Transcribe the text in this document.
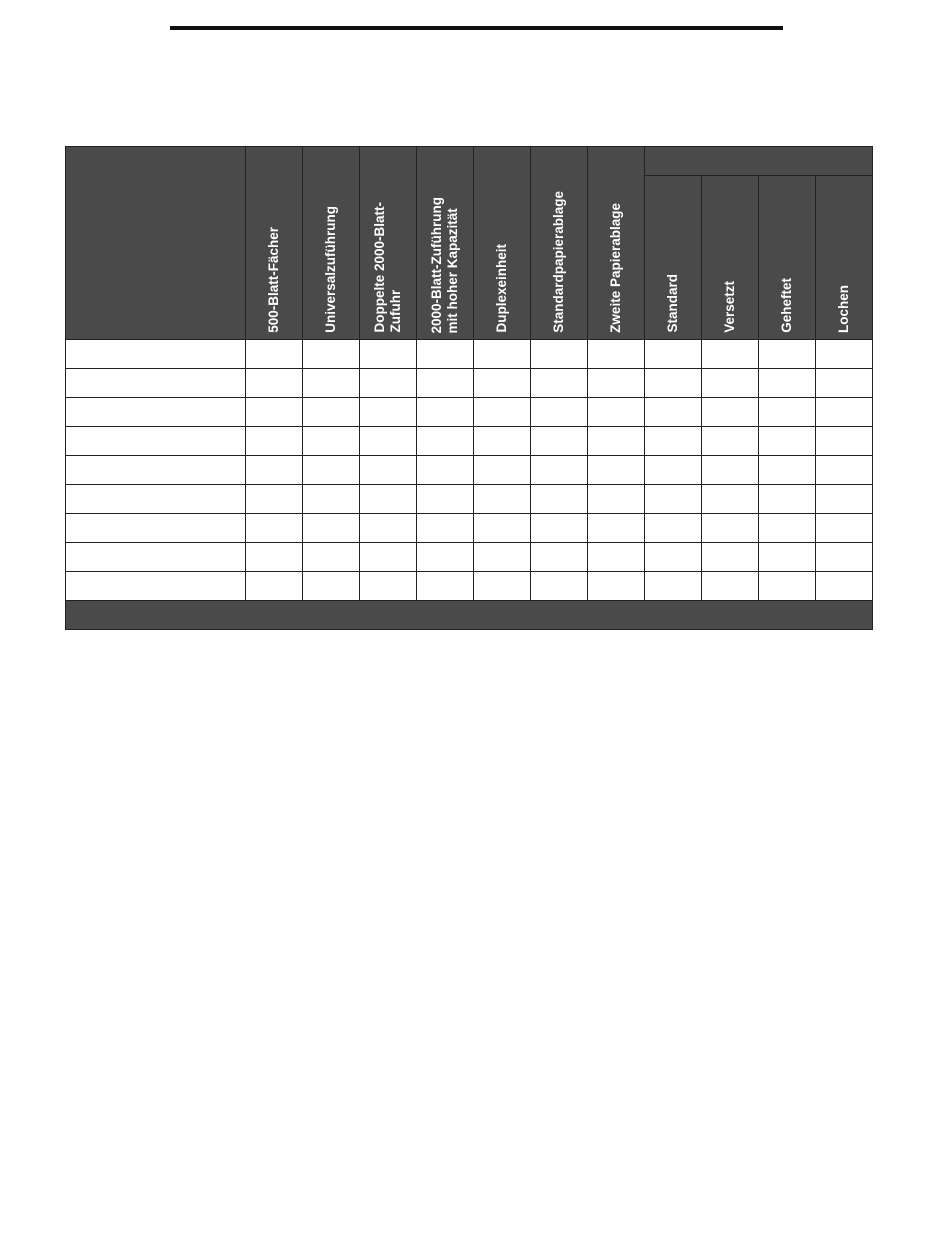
	500-Blatt-Fächer	Universalzuführung	Doppelte 2000-Blatt-
Zufuhr	2000-Blatt-Zuführung
mit hoher Kapazität	Duplexeinheit	Standardpapierablage	Zweite Papierablage				

								Standard	Versetzt	Geheftet	Lochen
